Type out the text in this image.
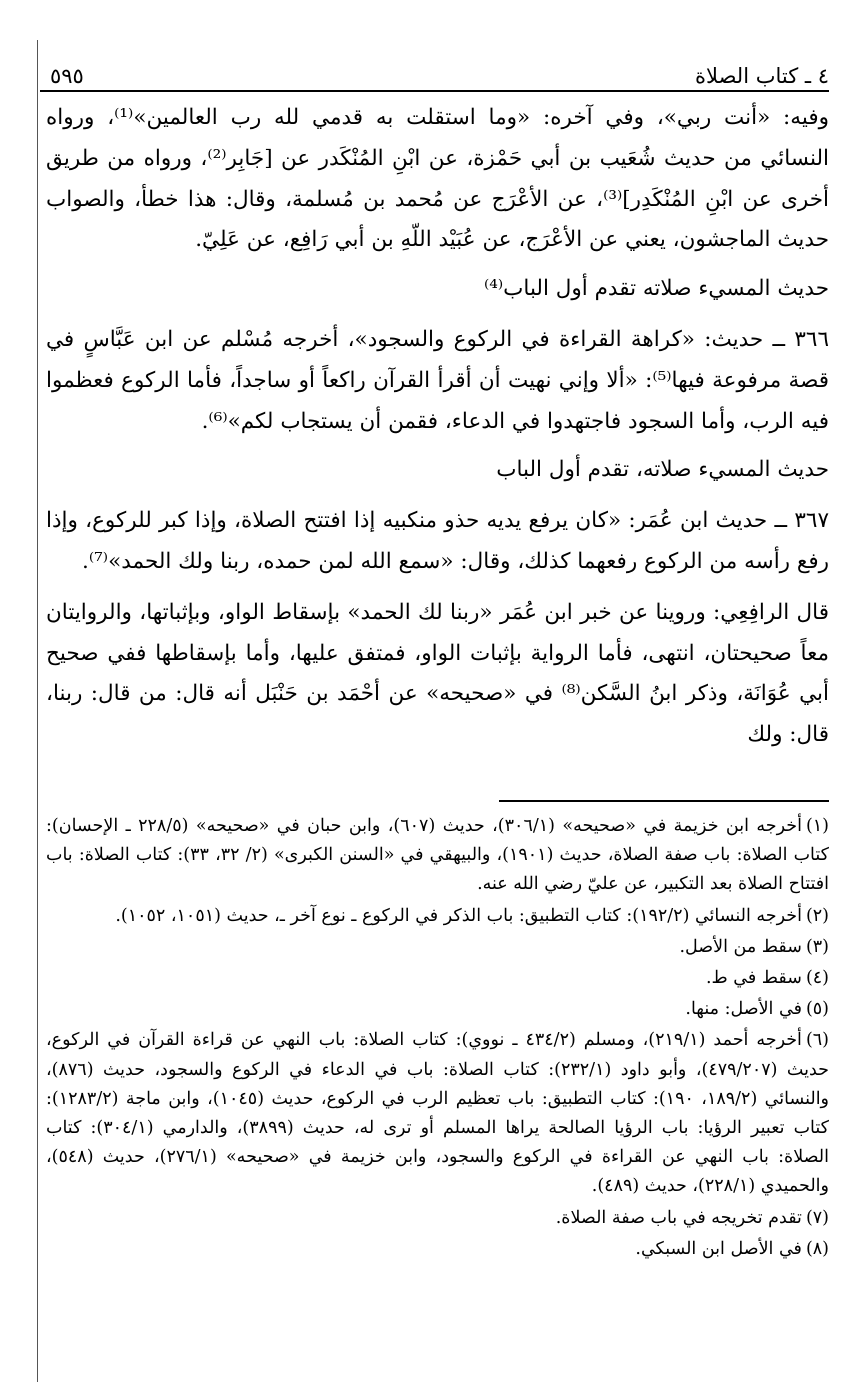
٤ ـ كتاب الصلاة
٥٩٥

وفيه: «أنت ربي»، وفي آخره: «وما استقلت به قدمي لله رب العالمين»⁽¹⁾، ورواه النسائي من حديث شُعَيب بن أبي حَمْزة، عن ابْنِ المُنْكَدر عن [جَابِر⁽²⁾، ورواه من طريق أخرى عن ابْنِ المُنْكَدِر]⁽³⁾، عن الأعْرَج عن مُحمد بن مُسلمة، وقال: هذا خطأ، والصواب حديث الماجشون، يعني عن الأعْرَج، عن عُبَيْد اللّهِ بن أبي رَافِع، عن عَلِيّ.

حديث المسيء صلاته تقدم أول الباب⁽⁴⁾

٣٦٦ ــ حديث: «كراهة القراءة في الركوع والسجود»، أخرجه مُسْلم عن ابن عَبَّاسٍ في قصة مرفوعة فيها⁽⁵⁾: «ألا وإني نهيت أن أقرأ القرآن راكعاً أو ساجداً، فأما الركوع فعظموا فيه الرب، وأما السجود فاجتهدوا في الدعاء، فقمن أن يستجاب لكم»⁽⁶⁾.

حديث المسيء صلاته، تقدم أول الباب

٣٦٧ ــ حديث ابن عُمَر: «كان يرفع يديه حذو منكبيه إذا افتتح الصلاة، وإذا كبر للركوع، وإذا رفع رأسه من الركوع رفعهما كذلك، وقال: «سمع الله لمن حمده، ربنا ولك الحمد»⁽⁷⁾.

قال الرافِعِي: وروينا عن خبر ابن عُمَر «ربنا لك الحمد» بإسقاط الواو، وبإثباتها، والروايتان معاً صحيحتان، انتهى، فأما الرواية بإثبات الواو، فمتفق عليها، وأما بإسقاطها ففي صحيح أبي عُوَانَة، وذكر ابنُ السَّكن⁽⁸⁾ في «صحيحه» عن أحْمَد بن حَنْبَل أنه قال: من قال: ربنا، قال: ولك

(١)أخرجه ابن خزيمة في «صحيحه» (٣٠٦/١)، حديث (٦٠٧)، وابن حبان في «صحيحه» (٢٢٨/٥ ـ الإحسان): كتاب الصلاة: باب صفة الصلاة، حديث (١٩٠١)، والبيهقي في «السنن الكبرى» (٢/ ٣٢، ٣٣): كتاب الصلاة: باب افتتاح الصلاة بعد التكبير، عن عليّ رضي الله عنه.

(٢)أخرجه النسائي (١٩٢/٢): كتاب التطبيق: باب الذكر في الركوع ـ نوع آخر ـ، حديث (١٠٥١، ١٠٥٢).

(٣)سقط من الأصل.

(٤)سقط في ط.

(٥)في الأصل: منها.

(٦)أخرجه أحمد (٢١٩/١)، ومسلم (٤٣٤/٢ ـ نووي): كتاب الصلاة: باب النهي عن قراءة القرآن في الركوع، حديث (٤٧٩/٢٠٧)، وأبو داود (٢٣٢/١): كتاب الصلاة: باب في الدعاء في الركوع والسجود، حديث (٨٧٦)، والنسائي (١٨٩/٢، ١٩٠): كتاب التطبيق: باب تعظيم الرب في الركوع، حديث (١٠٤٥)، وابن ماجة (١٢٨٣/٢): كتاب تعبير الرؤيا: باب الرؤيا الصالحة يراها المسلم أو ترى له، حديث (٣٨٩٩)، والدارمي (٣٠٤/١): كتاب الصلاة: باب النهي عن القراءة في الركوع والسجود، وابن خزيمة في «صحيحه» (٢٧٦/١)، حديث (٥٤٨)، والحميدي (٢٢٨/١)، حديث (٤٨٩).

(٧)تقدم تخريجه في باب صفة الصلاة.

(٨)في الأصل ابن السبكي.
